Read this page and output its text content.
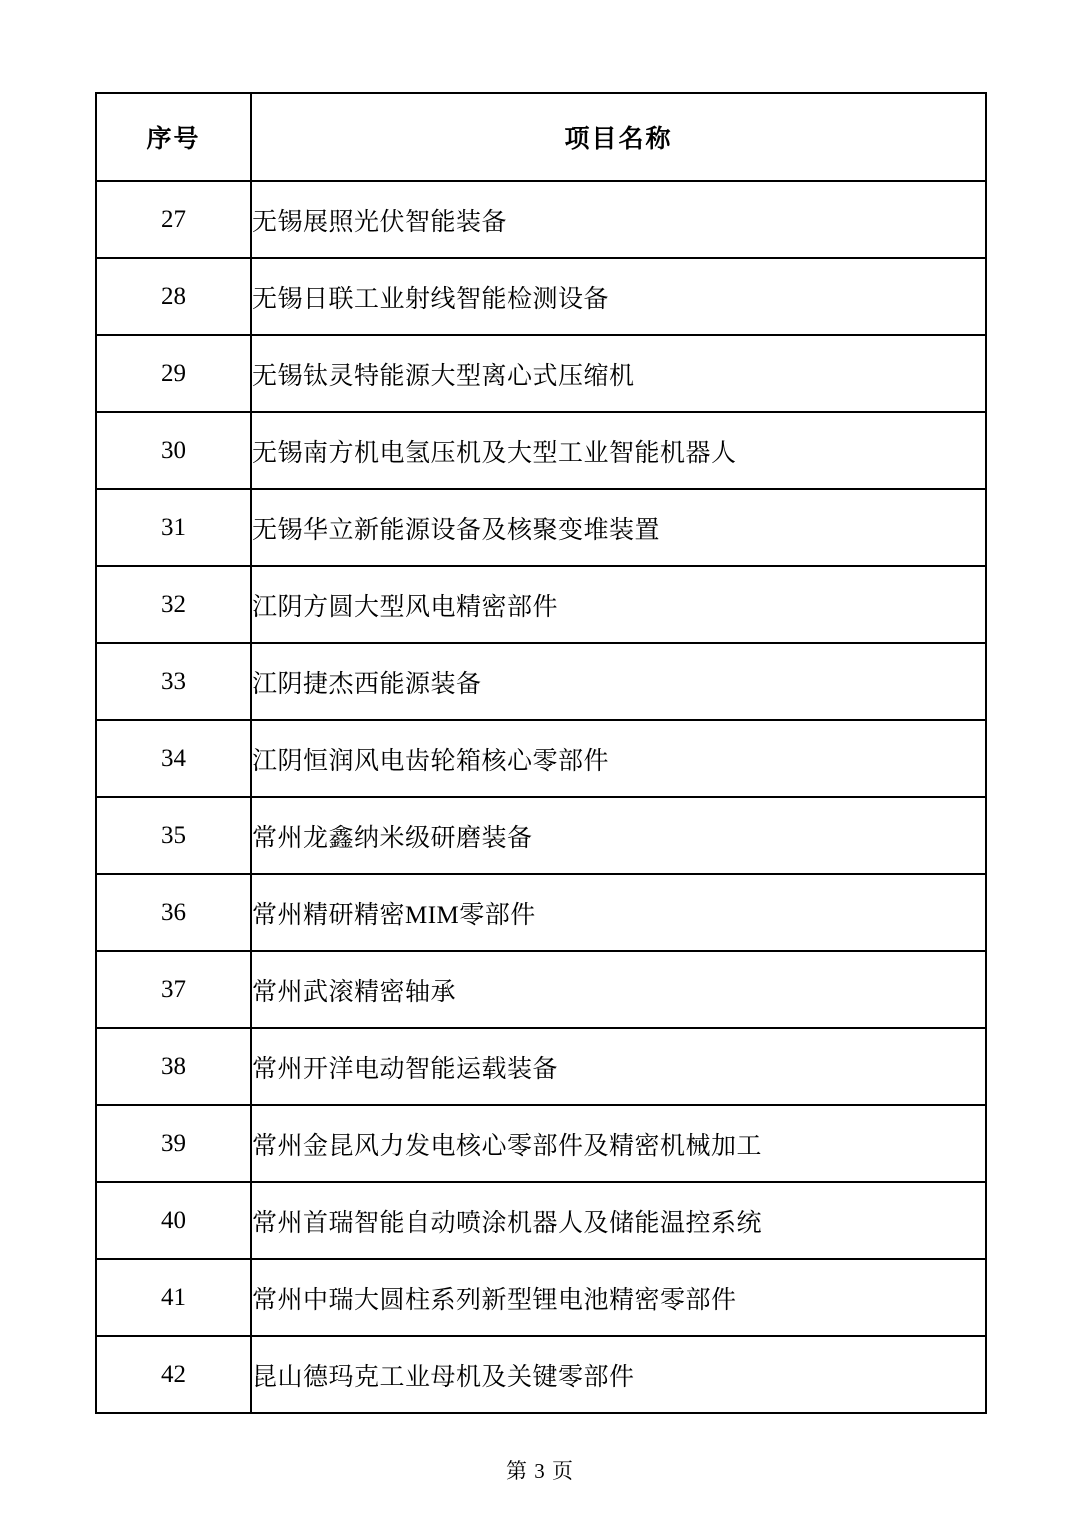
序号	项目名称
27	无锡展照光伏智能装备
28	无锡日联工业射线智能检测设备
29	无锡钛灵特能源大型离心式压缩机
30	无锡南方机电氢压机及大型工业智能机器人
31	无锡华立新能源设备及核聚变堆装置
32	江阴方圆大型风电精密部件
33	江阴捷杰西能源装备
34	江阴恒润风电齿轮箱核心零部件
35	常州龙鑫纳米级研磨装备
36	常州精研精密MIM零部件
37	常州武滚精密轴承
38	常州开洋电动智能运载装备
39	常州金昆风力发电核心零部件及精密机械加工
40	常州首瑞智能自动喷涂机器人及储能温控系统
41	常州中瑞大圆柱系列新型锂电池精密零部件
42	昆山德玛克工业母机及关键零部件
第 3 页
